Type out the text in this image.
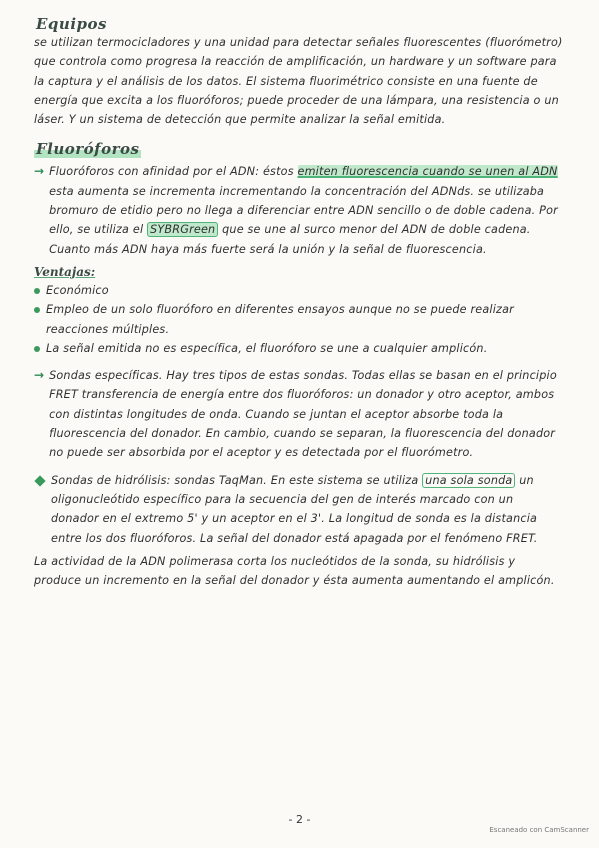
Equipos

se utilizan termocicladores y una unidad para detectar señales fluorescentes (fluorómetro) que controla como progresa la reacción de amplificación, un hardware y un software para la captura y el análisis de los datos. El sistema fluorimétrico consiste en una fuente de energía que excita a los fluoróforos; puede proceder de una lámpara, una resistencia o un láser. Y un sistema de detección que permite analizar la señal emitida.

Fluoróforos
→ Fluoróforos con afinidad por el ADN: éstos emiten fluorescencia cuando se unen al ADN esta aumenta se incrementa incrementando la concentración del ADNds. se utilizaba bromuro de etidio pero no llega a diferenciar entre ADN sencillo o de doble cadena. Por ello, se utiliza el SYBRGreen que se une al surco menor del ADN de doble cadena. Cuanto más ADN haya más fuerte será la unión y la señal de fluorescencia.

Ventajas:

Económico

Empleo de un solo fluoróforo en diferentes ensayos aunque no se puede realizar reacciones múltiples.

La señal emitida no es específica, el fluoróforo se une a cualquier amplicón.

→ Sondas específicas. Hay tres tipos de estas sondas. Todas ellas se basan en el principio FRET transferencia de energía entre dos fluoróforos: un donador y otro aceptor, ambos con distintas longitudes de onda. Cuando se juntan el aceptor absorbe toda la fluorescencia del donador. En cambio, cuando se separan, la fluorescencia del donador no puede ser absorbida por el aceptor y es detectada por el fluorómetro.

Sondas de hidrólisis: sondas TaqMan. En este sistema se utiliza una sola sonda un oligonucleótido específico para la secuencia del gen de interés marcado con un donador en el extremo 5' y un aceptor en el 3'. La longitud de sonda es la distancia entre los dos fluoróforos. La señal del donador está apagada por el fenómeno FRET.

La actividad de la ADN polimerasa corta los nucleótidos de la sonda, su hidrólisis y produce un incremento en la señal del donador y ésta aumenta aumentando el amplicón.

- 2 -
Escaneado con CamScanner
